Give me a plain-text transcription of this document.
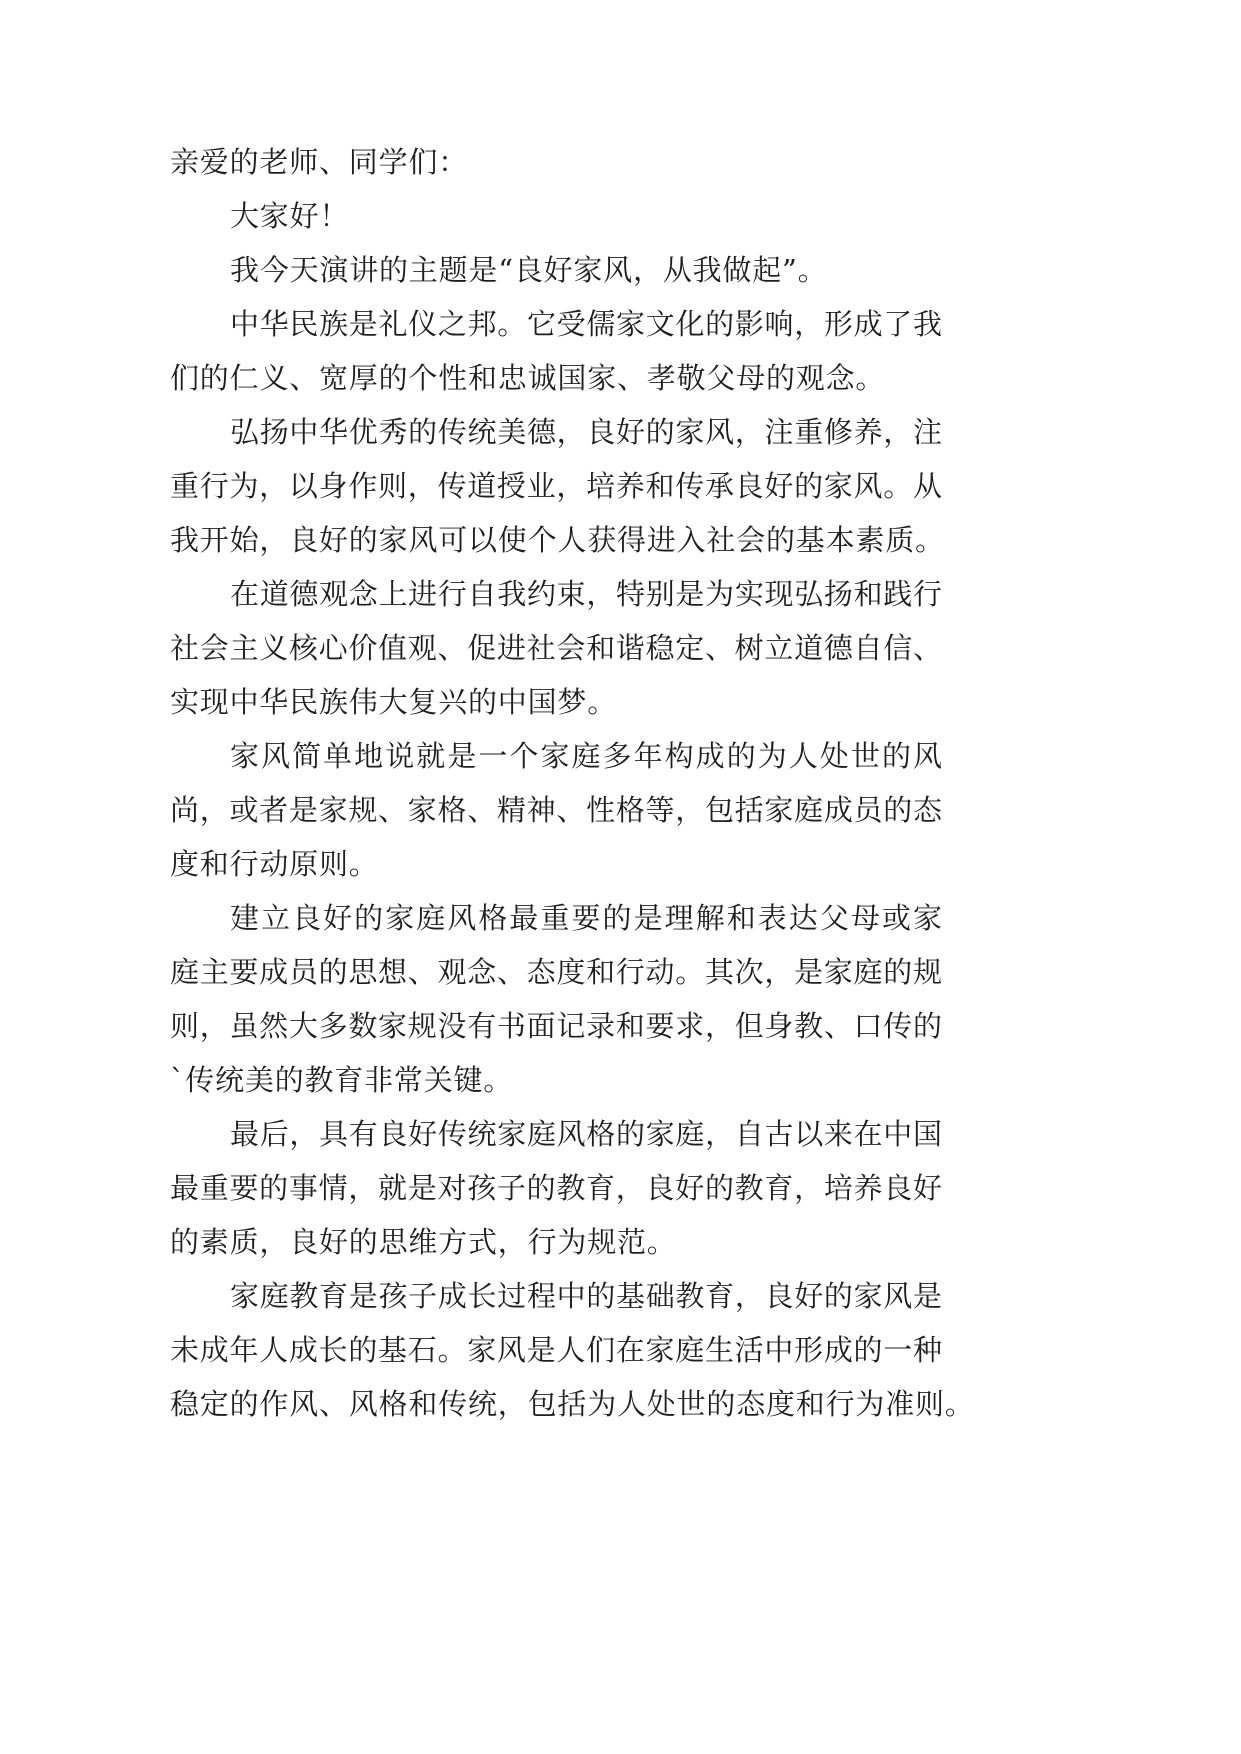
亲爱的老师、同学们：
大家好！
我今天演讲的主题是“良好家风，从我做起”。
中华民族是礼仪之邦。它受儒家文化的影响，形成了我
们的仁义、宽厚的个性和忠诚国家、孝敬父母的观念。
弘扬中华优秀的传统美德，良好的家风，注重修养，注
重行为，以身作则，传道授业，培养和传承良好的家风。从
我开始，良好的家风可以使个人获得进入社会的基本素质。
在道德观念上进行自我约束，特别是为实现弘扬和践行
社会主义核心价值观、促进社会和谐稳定、树立道德自信、
实现中华民族伟大复兴的中国梦。
家风简单地说就是一个家庭多年构成的为人处世的风
尚，或者是家规、家格、精神、性格等，包括家庭成员的态
度和行动原则。
建立良好的家庭风格最重要的是理解和表达父母或家
庭主要成员的思想、观念、态度和行动。其次，是家庭的规
则，虽然大多数家规没有书面记录和要求，但身教、口传的
`传统美的教育非常关键。
最后，具有良好传统家庭风格的家庭，自古以来在中国
最重要的事情，就是对孩子的教育，良好的教育，培养良好
的素质，良好的思维方式，行为规范。
家庭教育是孩子成长过程中的基础教育，良好的家风是
未成年人成长的基石。家风是人们在家庭生活中形成的一种
稳定的作风、风格和传统，包括为人处世的态度和行为准则。
